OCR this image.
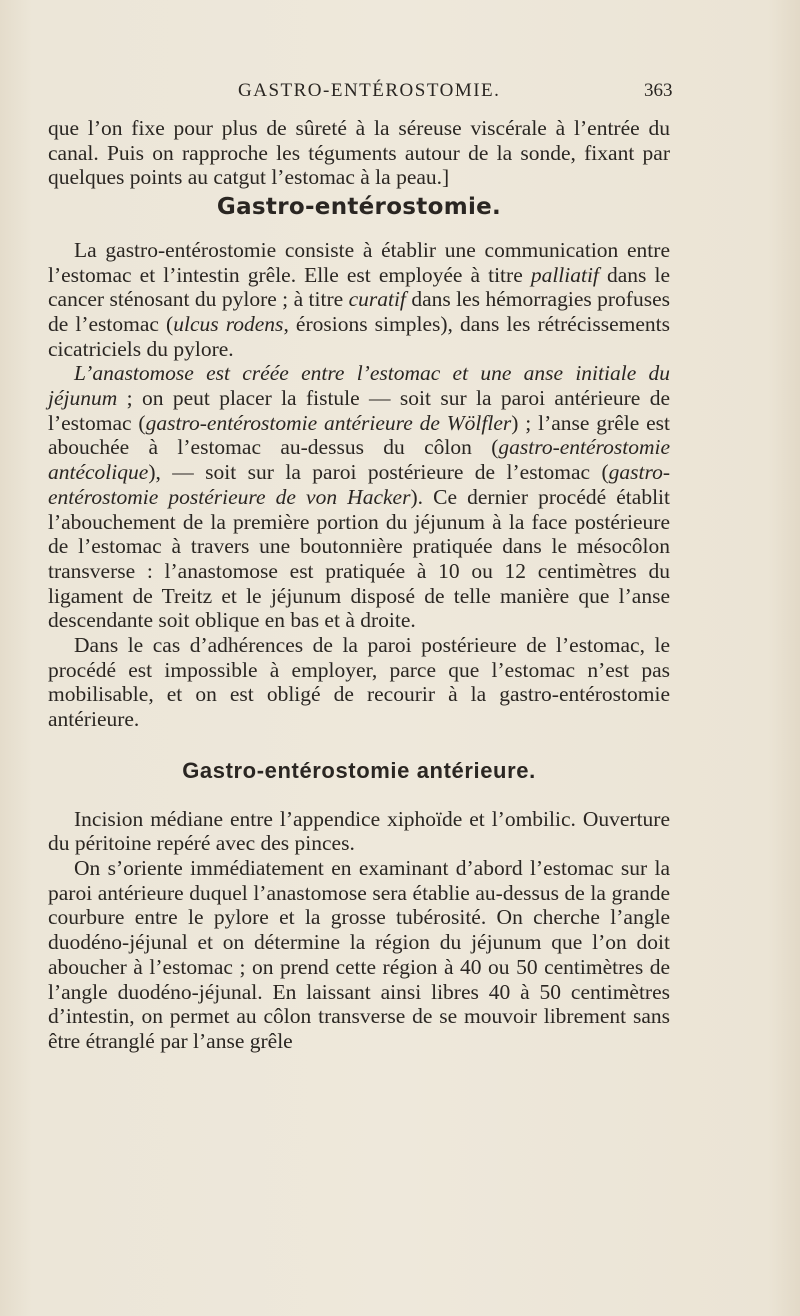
GASTRO-ENTÉROSTOMIE.	363

que l’on fixe pour plus de sûreté à la séreuse viscérale à l’entrée du canal. Puis on rapproche les téguments autour de la sonde, fixant par quelques points au catgut l’estomac à la peau.]

Gastro-entérostomie.

La gastro-entérostomie consiste à établir une communication entre l’estomac et l’intestin grêle. Elle est employée à titre palliatif dans le cancer sténosant du pylore ; à titre curatif dans les hémorragies profuses de l’estomac (ulcus rodens, érosions simples), dans les rétrécissements cicatriciels du pylore.

L’anastomose est créée entre l’estomac et une anse initiale du jéjunum ; on peut placer la fistule — soit sur la paroi antérieure de l’estomac (gastro-entérostomie antérieure de Wölfler) ; l’anse grêle est abouchée à l’estomac au-dessus du côlon (gastro-entérostomie antécolique), — soit sur la paroi postérieure de l’estomac (gastro-entérostomie postérieure de von Hacker). Ce dernier procédé établit l’abouchement de la première portion du jéjunum à la face postérieure de l’estomac à travers une boutonnière pratiquée dans le mésocôlon transverse : l’anastomose est pratiquée à 10 ou 12 centimètres du ligament de Treitz et le jéjunum disposé de telle manière que l’anse descendante soit oblique en bas et à droite.

Dans le cas d’adhérences de la paroi postérieure de l’estomac, le procédé est impossible à employer, parce que l’estomac n’est pas mobilisable, et on est obligé de recourir à la gastro-entérostomie antérieure.

Gastro-entérostomie antérieure.

Incision médiane entre l’appendice xiphoïde et l’ombilic. Ouverture du péritoine repéré avec des pinces.

On s’oriente immédiatement en examinant d’abord l’estomac sur la paroi antérieure duquel l’anastomose sera établie au-dessus de la grande courbure entre le pylore et la grosse tubérosité. On cherche l’angle duodéno-jéjunal et on détermine la région du jéjunum que l’on doit aboucher à l’estomac ; on prend cette région à 40 ou 50 centimètres de l’angle duodéno-jéjunal. En laissant ainsi libres 40 à 50 centimètres d’intestin, on permet au côlon transverse de se mouvoir librement sans être étranglé par l’anse grêle
